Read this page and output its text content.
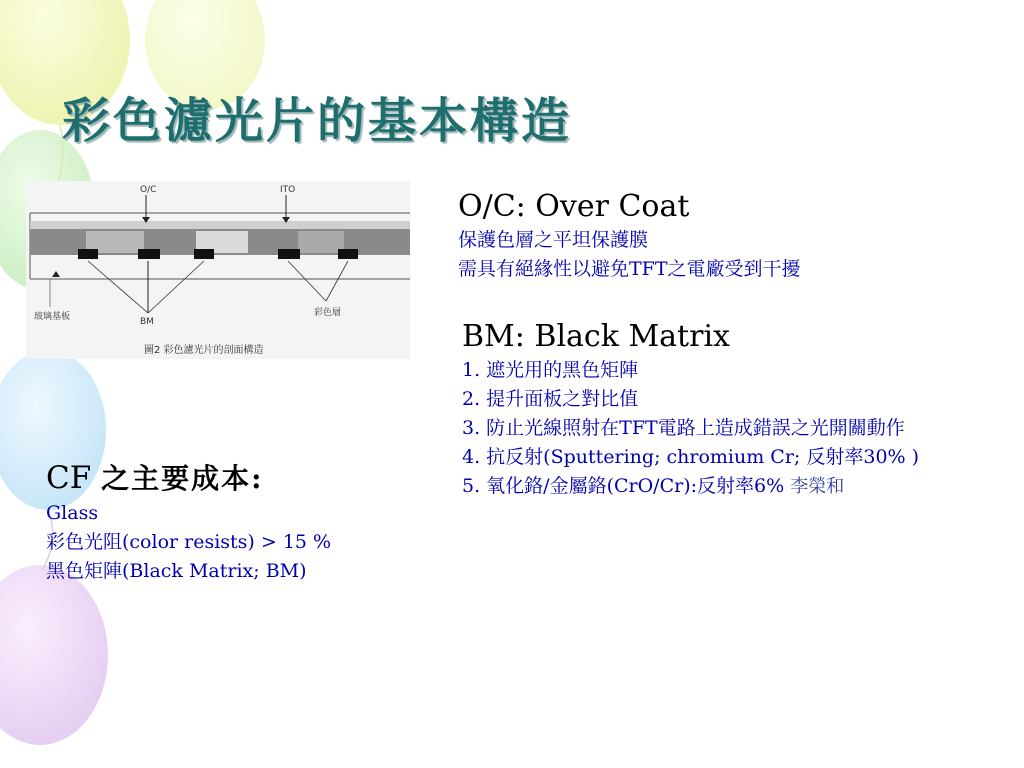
彩色濾光片的基本構造
O/C	ITO
玻璃基板	BM
彩色層
圖2 彩色濾光片的剖面構造
O/C: Over Coat
保護色層之平坦保護膜
需具有絕緣性以避免TFT之電廠受到干擾
BM: Black Matrix
1. 遮光用的黑色矩陣
2. 提升面板之對比值
3. 防止光線照射在TFT電路上造成錯誤之光開關動作
4. 抗反射(Sputtering; chromium Cr; 反射率30% )
5. 氧化鉻/金屬鉻(CrO/Cr):反射率6% 李榮和
CF 之主要成本:
Glass
彩色光阻(color resists) > 15 %
黑色矩陣(Black Matrix; BM)
